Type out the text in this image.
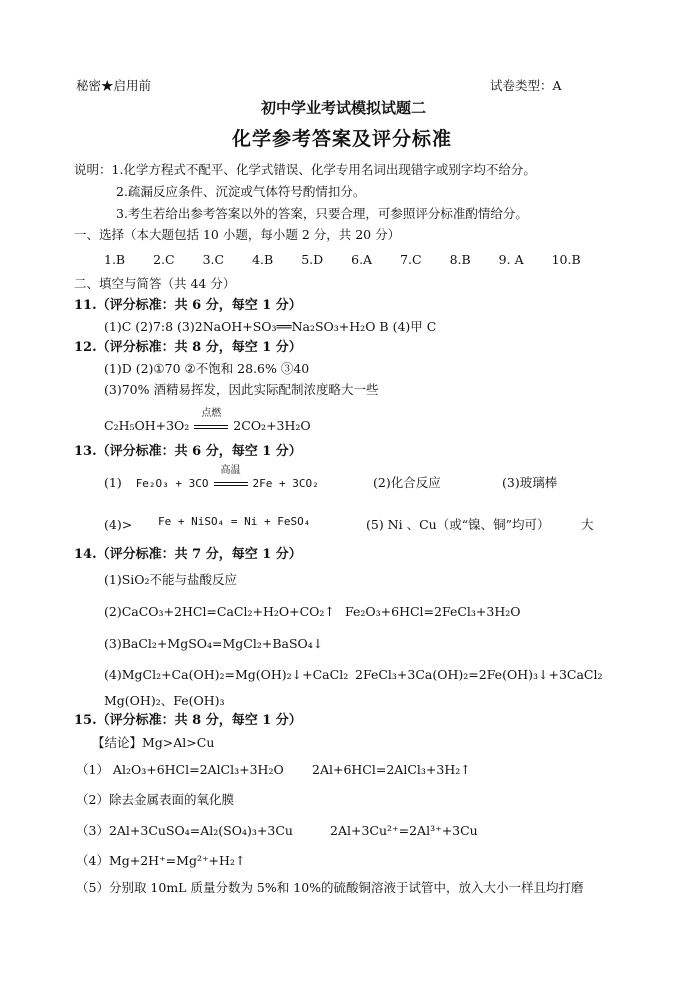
秘密★启用前	试卷类型：A
初中学业考试模拟试题二
化学参考答案及评分标准
说明：1.化学方程式不配平、化学式错误、化学专用名词出现错字或别字均不给分。
2.疏漏反应条件、沉淀或气体符号酌情扣分。
3.考生若给出参考答案以外的答案，只要合理，可参照评分标准酌情给分。
一、选择（本大题包括 10 小题，每小题 2 分，共 20 分）
1.B 2.C 3.C 4.B 5.D 6.A 7.C 8.B 9. A 10.B
二、填空与简答（共 44 分）
11.（评分标准：共 6 分，每空 1 分）
(1)C (2)7:8 (3)2NaOH+SO₃══Na₂SO₃+H₂O B (4)甲 C
12.（评分标准：共 8 分，每空 1 分）
(1)D (2)①70 ②不饱和 28.6% ③40
(3)70% 酒精易挥发，因此实际配制浓度略大一些
C₂H₅OH+3O₂
点燃
2CO₂+3H₂O
13.（评分标准：共 6 分，每空 1 分）
(1) Fe₂O₃ + 3CO
高温
2Fe + 3CO₂	(2)化合反应	(3)玻璃棒
(4)> Fe + NiSO₄ = Ni + FeSO₄	(5) Ni 、Cu（或“镍、铜”均可）	大
14.（评分标准：共 7 分，每空 1 分）
(1)SiO₂不能与盐酸反应
(2)CaCO₃+2HCl=CaCl₂+H₂O+CO₂↑ Fe₂O₃+6HCl=2FeCl₃+3H₂O
(3)BaCl₂+MgSO₄=MgCl₂+BaSO₄↓
(4)MgCl₂+Ca(OH)₂=Mg(OH)₂↓+CaCl₂ 2FeCl₃+3Ca(OH)₂=2Fe(OH)₃↓+3CaCl₂
Mg(OH)₂、Fe(OH)₃
15.（评分标准：共 8 分，每空 1 分）
【结论】Mg>Al>Cu
（1） Al₂O₃+6HCl=2AlCl₃+3H₂O 2Al+6HCl=2AlCl₃+3H₂↑
（2）除去金属表面的氧化膜
（3）2Al+3CuSO₄=Al₂(SO₄)₃+3Cu	2Al+3Cu²⁺=2Al³⁺+3Cu
（4）Mg+2H⁺=Mg²⁺+H₂↑
（5）分别取 10mL 质量分数为 5%和 10%的硫酸铜溶液于试管中，放入大小一样且均打磨
